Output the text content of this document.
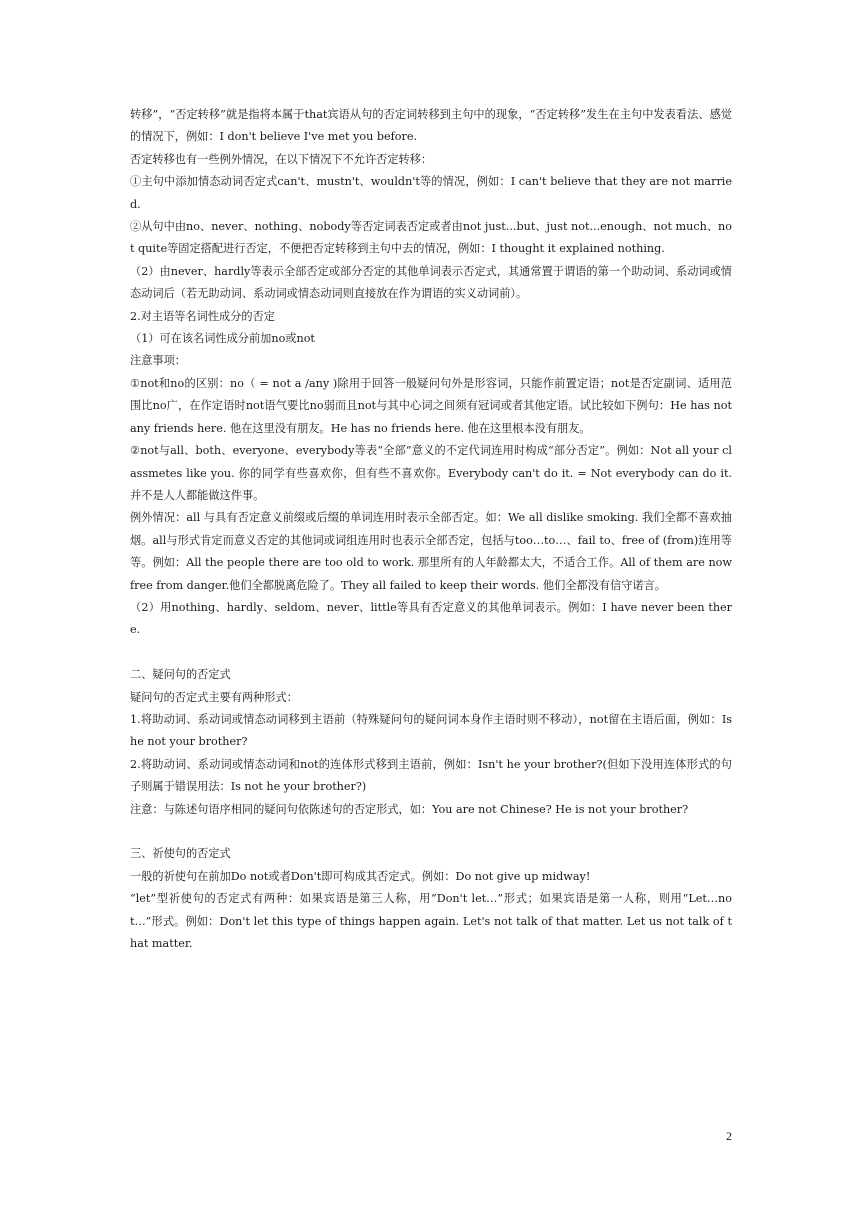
转移”，“否定转移”就是指将本属于that宾语从句的否定词转移到主句中的现象，“否定转移”发生在主句中发表看法、感觉的情况下，例如：I don't believe I've met you before.

否定转移也有一些例外情况，在以下情况下不允许否定转移：

①主句中添加情态动词否定式can't、mustn't、wouldn't等的情况，例如：I can't believe that they are not married.

②从句中由no、never、nothing、nobody等否定词表否定或者由not just...but、just not...enough、not much、not quite等固定搭配进行否定，不便把否定转移到主句中去的情况，例如：I thought it explained nothing.

（2）由never、hardly等表示全部否定或部分否定的其他单词表示否定式，其通常置于谓语的第一个助动词、系动词或情态动词后（若无助动词、系动词或情态动词则直接放在作为谓语的实义动词前）。

2.对主语等名词性成分的否定

（1）可在该名词性成分前加no或not

注意事项：

①not和no的区别：no（ = not a /any )除用于回答一般疑问句外是形容词，只能作前置定语；not是否定副词、适用范围比no广，在作定语时not语气要比no弱而且not与其中心词之间须有冠词或者其他定语。试比较如下例句：He has not any friends here. 他在这里没有朋友。He has no friends here. 他在这里根本没有朋友。

②not与all、both、everyone、everybody等表“全部”意义的不定代词连用时构成“部分否定”。例如：Not all your classmetes like you. 你的同学有些喜欢你，但有些不喜欢你。Everybody can't do it. = Not everybody can do it. 并不是人人都能做这件事。

例外情况：all 与具有否定意义前缀或后缀的单词连用时表示全部否定。如：We all dislike smoking. 我们全都不喜欢抽烟。all与形式肯定而意义否定的其他词或词组连用时也表示全部否定，包括与too…to…、fail to、free of (from)连用等等。例如：All the people there are too old to work. 那里所有的人年龄都太大，不适合工作。All of them are now free from danger.他们全都脱离危险了。They all failed to keep their words. 他们全都没有信守诺言。

（2）用nothing、hardly、seldom、never、little等具有否定意义的其他单词表示。例如：I have never been there.

二、疑问句的否定式

疑问句的否定式主要有两种形式：

1.将助动词、系动词或情态动词移到主语前（特殊疑问句的疑问词本身作主语时则不移动），not留在主语后面，例如：Is he not your brother?

2.将助动词、系动词或情态动词和not的连体形式移到主语前，例如：Isn't he your brother?(但如下没用连体形式的句子则属于错误用法：Is not he your brother?)

注意：与陈述句语序相同的疑问句依陈述句的否定形式，如：You are not Chinese? He is not your brother?

三、祈使句的否定式

一般的祈使句在前加Do not或者Don't即可构成其否定式。例如：Do not give up midway!

“let”型祈使句的否定式有两种：如果宾语是第三人称，用“Don't let…”形式；如果宾语是第一人称，则用“Let…not…”形式。例如：Don't let this type of things happen again. Let's not talk of that matter. Let us not talk of that matter.

2
